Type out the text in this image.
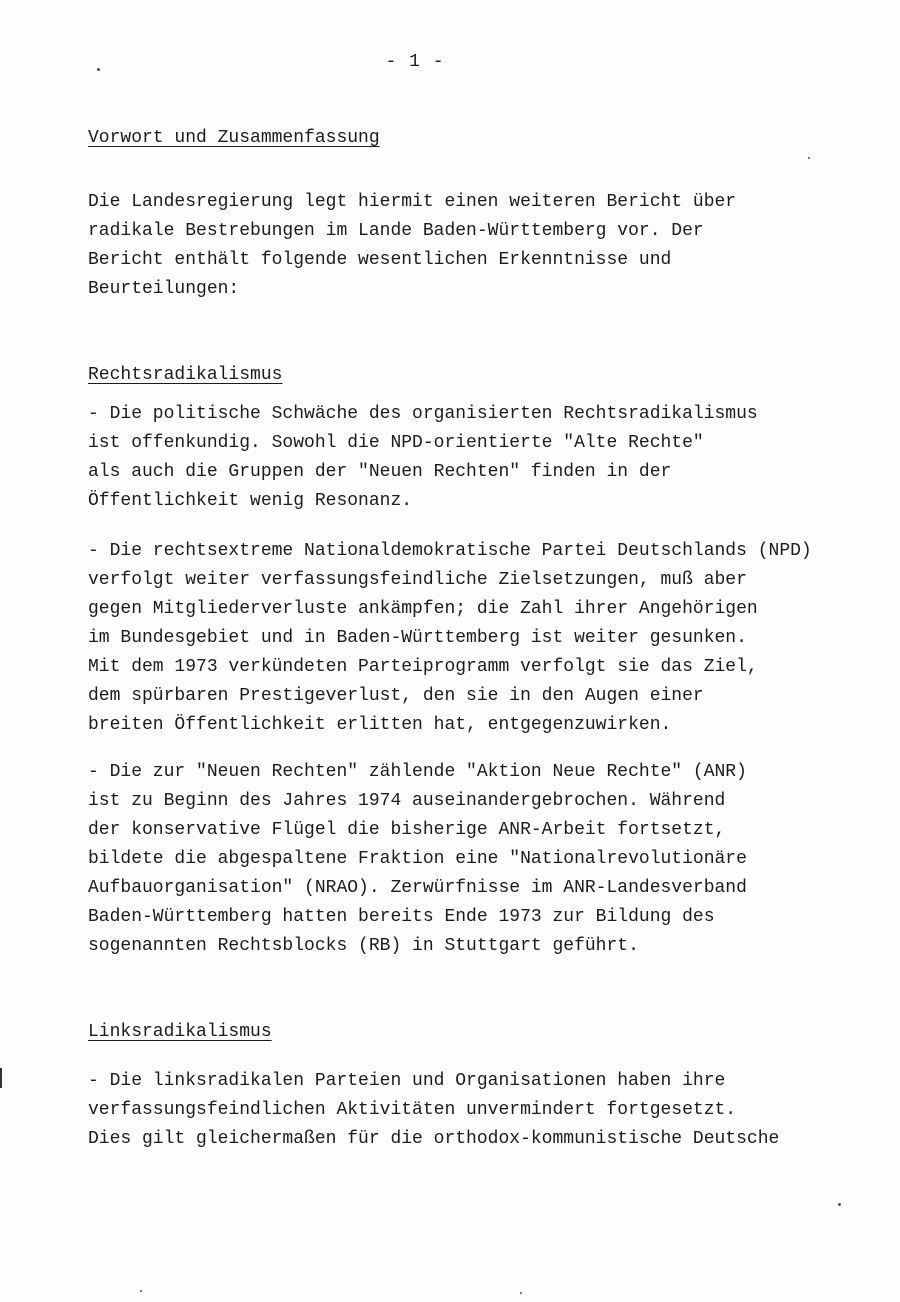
- 1 -
Vorwort und Zusammenfassung
Die Landesregierung legt hiermit einen weiteren Bericht über
radikale Bestrebungen im Lande Baden-Württemberg vor. Der
Bericht enthält folgende wesentlichen Erkenntnisse und
Beurteilungen:
Rechtsradikalismus
- Die politische Schwäche des organisierten Rechtsradikalismus
ist offenkundig. Sowohl die NPD-orientierte "Alte Rechte"
als auch die Gruppen der "Neuen Rechten" finden in der
Öffentlichkeit wenig Resonanz.
- Die rechtsextreme Nationaldemokratische Partei Deutschlands (NPD)
verfolgt weiter verfassungsfeindliche Zielsetzungen, muß aber
gegen Mitgliederverluste ankämpfen; die Zahl ihrer Angehörigen
im Bundesgebiet und in Baden-Württemberg ist weiter gesunken.
Mit dem 1973 verkündeten Parteiprogramm verfolgt sie das Ziel,
dem spürbaren Prestigeverlust, den sie in den Augen einer
breiten Öffentlichkeit erlitten hat, entgegenzuwirken.
- Die zur "Neuen Rechten" zählende "Aktion Neue Rechte" (ANR)
ist zu Beginn des Jahres 1974 auseinandergebrochen. Während
der konservative Flügel die bisherige ANR-Arbeit fortsetzt,
bildete die abgespaltene Fraktion eine "Nationalrevolutionäre
Aufbauorganisation" (NRAO). Zerwürfnisse im ANR-Landesverband
Baden-Württemberg hatten bereits Ende 1973 zur Bildung des
sogenannten Rechtsblocks (RB) in Stuttgart geführt.
Linksradikalismus
- Die linksradikalen Parteien und Organisationen haben ihre
verfassungsfeindlichen Aktivitäten unvermindert fortgesetzt.
Dies gilt gleichermaßen für die orthodox-kommunistische Deutsche
